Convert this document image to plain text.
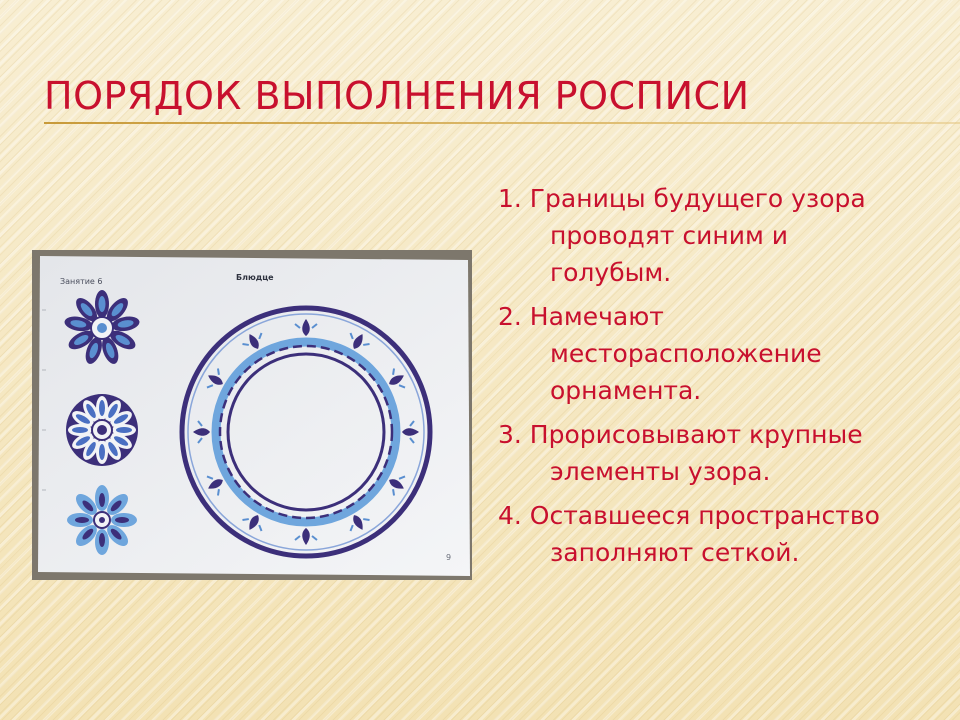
ПОРЯДОК ВЫПОЛНЕНИЯ РОСПИСИ
Занятие 6	Блюдце
9
1. Границы будущего узора
проводят синим и
голубым.
2. Намечают
месторасположение
орнамента.
3. Прорисовывают крупные
элементы узора.
4. Оставшееся пространство
заполняют сеткой.
